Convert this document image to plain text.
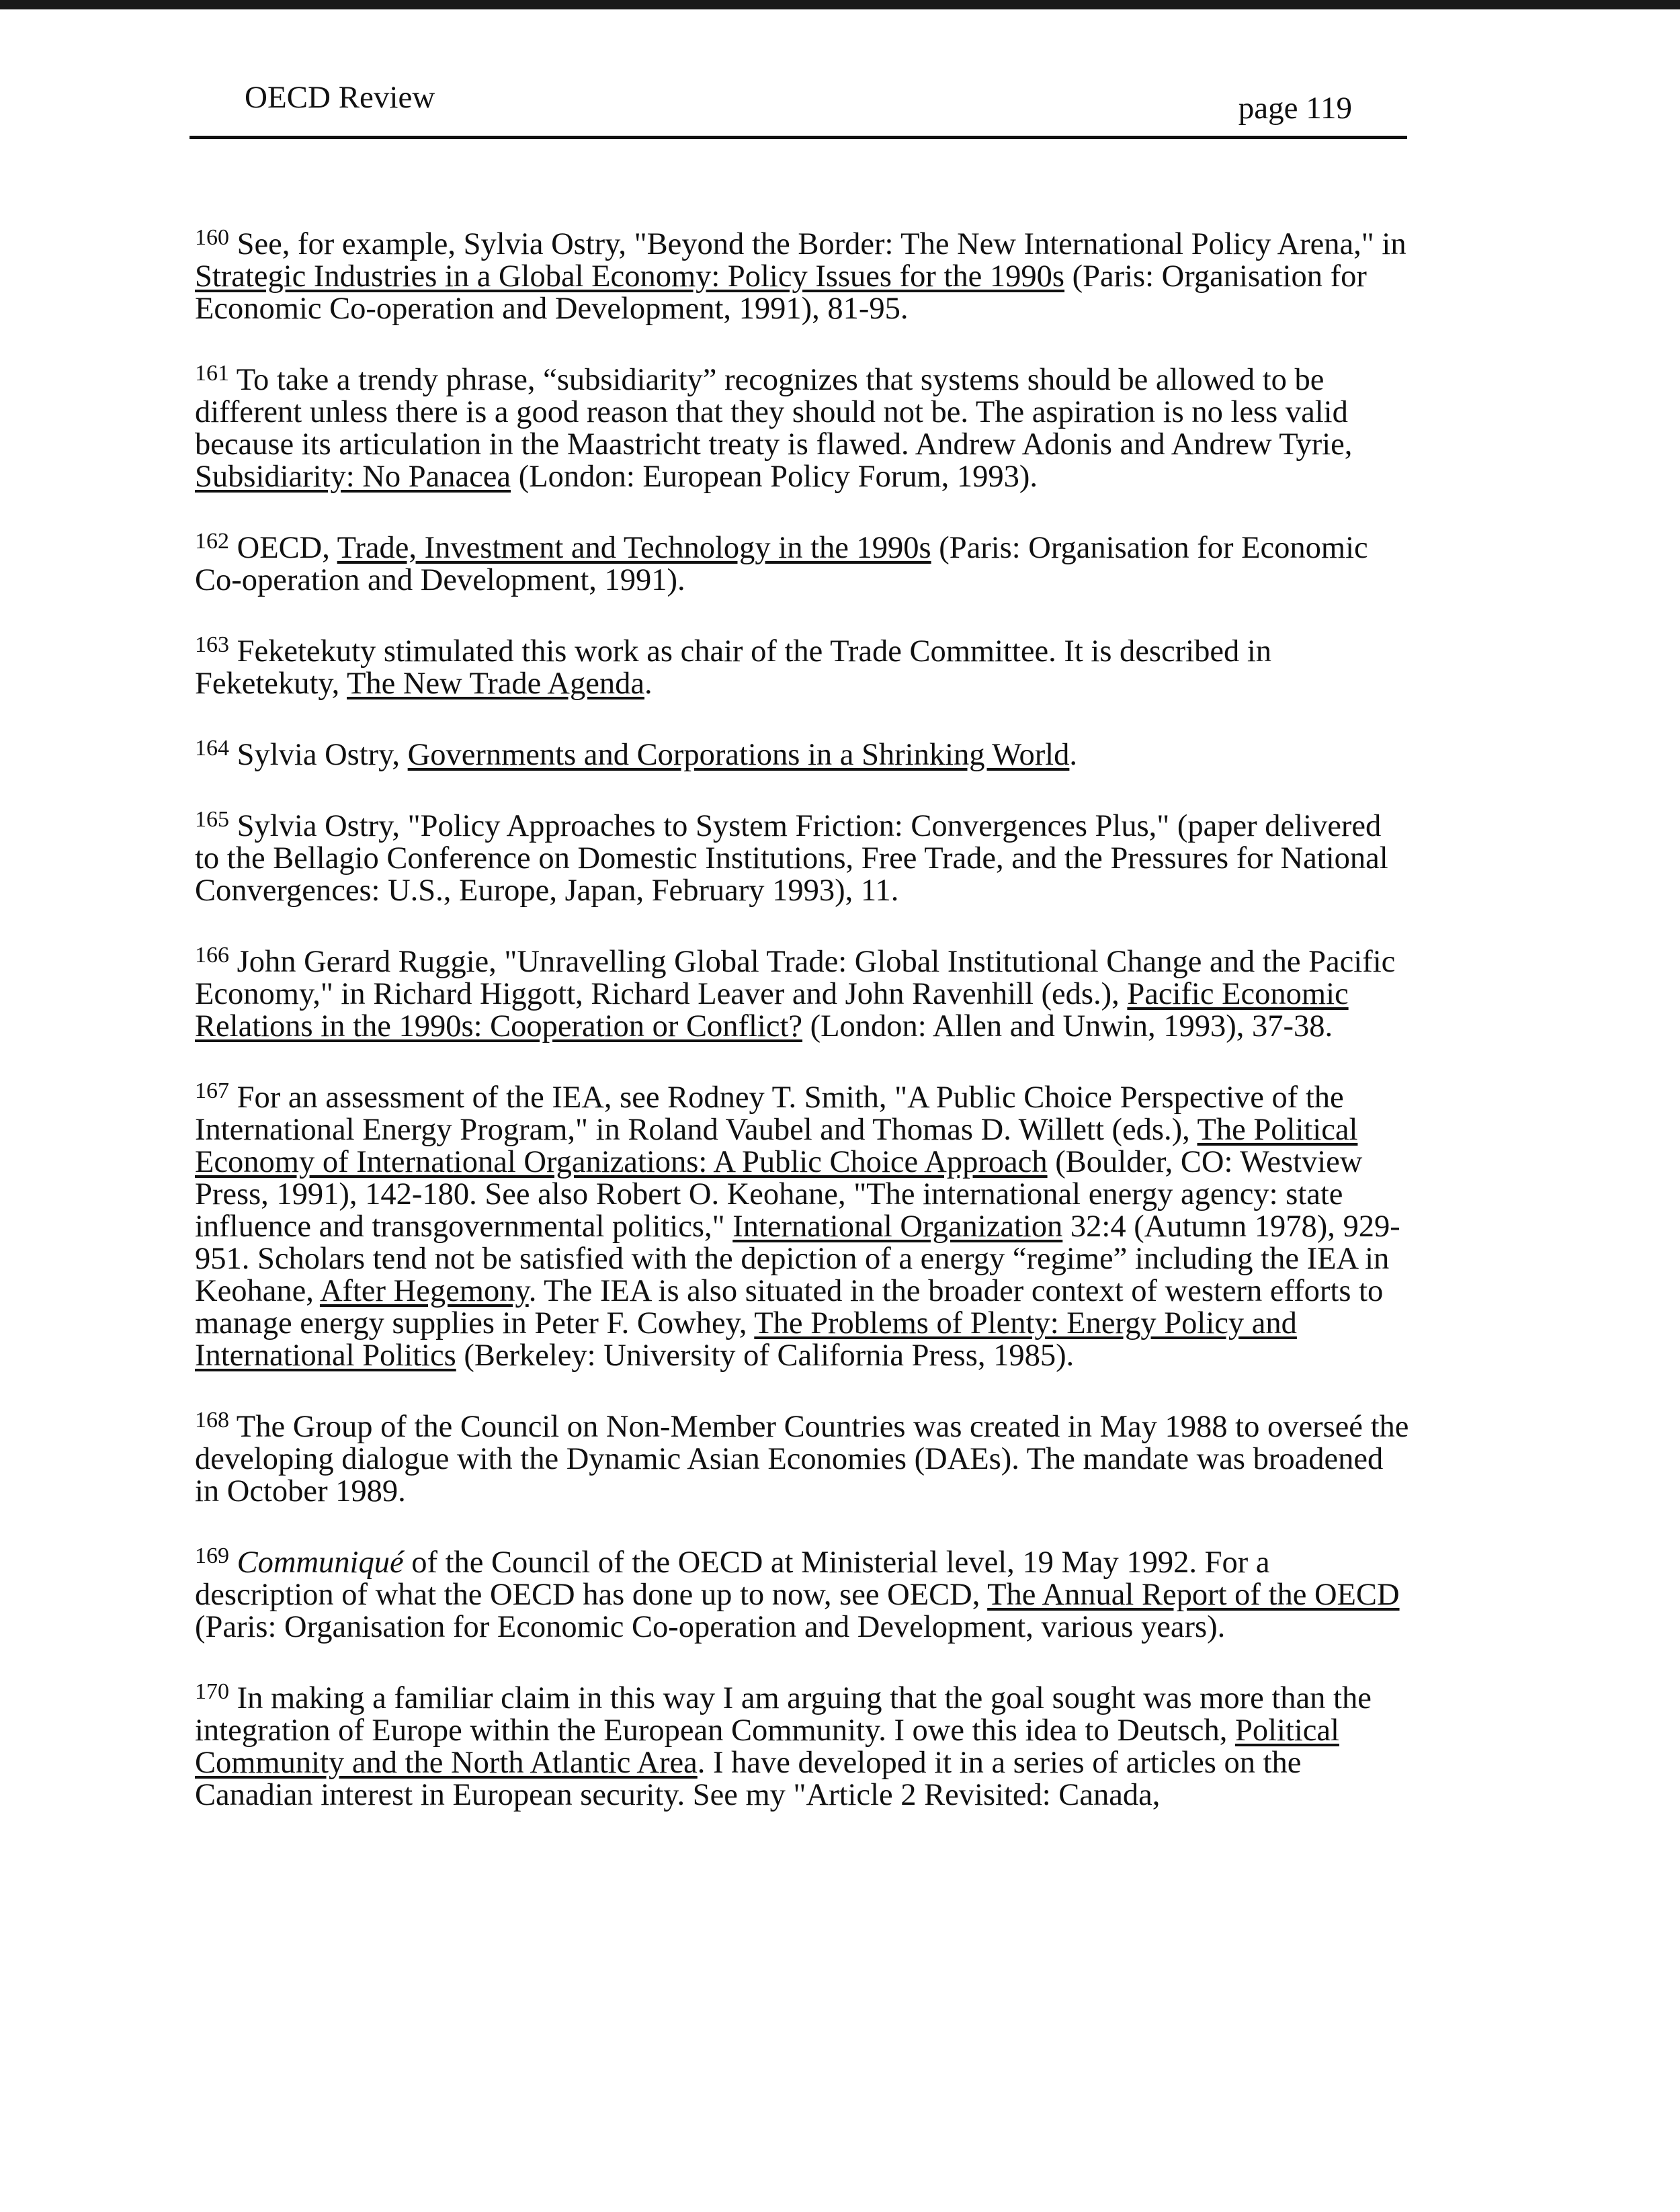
OECD Review	page 119

$^{160}$ See, for example, Sylvia Ostry, "Beyond the Border: The New International Policy Arena," in Strategic Industries in a Global Economy: Policy Issues for the 1990s (Paris: Organisation for Economic Co-operation and Development, 1991), 81-95.

$^{161}$ To take a trendy phrase, “subsidiarity” recognizes that systems should be allowed to be different unless there is a good reason that they should not be. The aspiration is no less valid because its articulation in the Maastricht treaty is flawed. Andrew Adonis and Andrew Tyrie, Subsidiarity: No Panacea (London: European Policy Forum, 1993).

$^{162}$ OECD, Trade, Investment and Technology in the 1990s (Paris: Organisation for Economic Co-operation and Development, 1991).

$^{163}$ Feketekuty stimulated this work as chair of the Trade Committee. It is described in Feketekuty, The New Trade Agenda.

$^{164}$ Sylvia Ostry, Governments and Corporations in a Shrinking World.

$^{165}$ Sylvia Ostry, "Policy Approaches to System Friction: Convergences Plus," (paper delivered to the Bellagio Conference on Domestic Institutions, Free Trade, and the Pressures for National Convergences: U.S., Europe, Japan, February 1993), 11.

$^{166}$ John Gerard Ruggie, "Unravelling Global Trade: Global Institutional Change and the Pacific Economy," in Richard Higgott, Richard Leaver and John Ravenhill (eds.), Pacific Economic Relations in the 1990s: Cooperation or Conflict? (London: Allen and Unwin, 1993), 37-38.

$^{167}$ For an assessment of the IEA, see Rodney T. Smith, "A Public Choice Perspective of the International Energy Program," in Roland Vaubel and Thomas D. Willett (eds.), The Political Economy of International Organizations: A Public Choice Approach (Boulder, CO: Westview Press, 1991), 142-180. See also Robert O. Keohane, "The international energy agency: state influence and transgovernmental politics," International Organization 32:4 (Autumn 1978), 929-951. Scholars tend not be satisfied with the depiction of a energy “regime” including the IEA in Keohane, After Hegemony. The IEA is also situated in the broader context of western efforts to manage energy supplies in Peter F. Cowhey, The Problems of Plenty: Energy Policy and International Politics (Berkeley: University of California Press, 1985).

$^{168}$ The Group of the Council on Non-Member Countries was created in May 1988 to overseé the developing dialogue with the Dynamic Asian Economies (DAEs). The mandate was broadened in October 1989.

$^{169}$ Communiqué of the Council of the OECD at Ministerial level, 19 May 1992. For a description of what the OECD has done up to now, see OECD, The Annual Report of the OECD (Paris: Organisation for Economic Co-operation and Development, various years).

$^{170}$ In making a familiar claim in this way I am arguing that the goal sought was more than the integration of Europe within the European Community. I owe this idea to Deutsch, Political Community and the North Atlantic Area. I have developed it in a series of articles on the Canadian interest in European security. See my "Article 2 Revisited: Canada,
